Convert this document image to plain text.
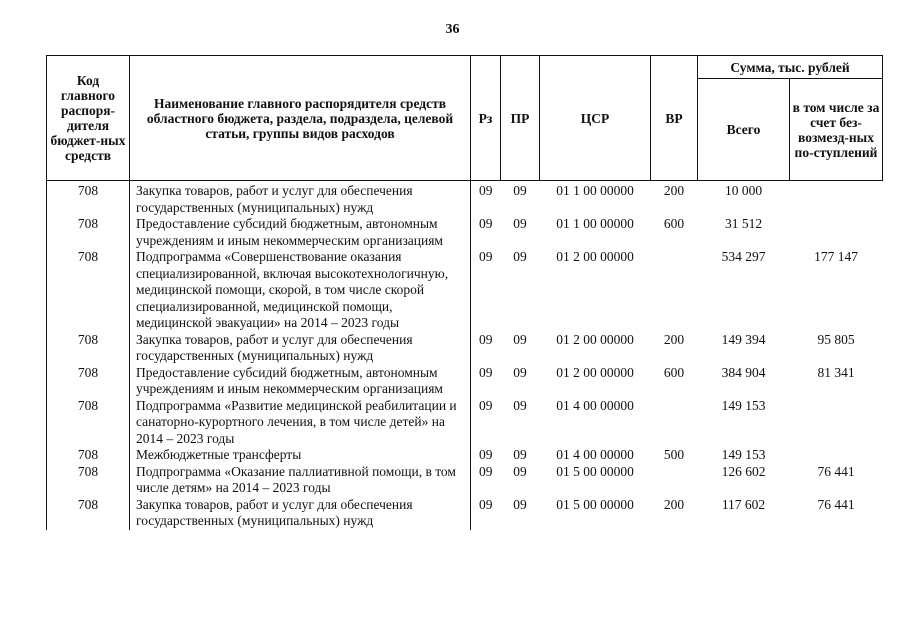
36
Код главного распоря-дителя бюджет-ных средств	Наименование главного распорядителя средств областного бюджета, раздела, подраздела, целевой статьи, группы видов расходов	Рз	ПР	ЦСР	ВР	Сумма, тыс. рублей	
						Всего	в том числе за счет без-возмезд-ных по-ступлений
708	Закупка товаров, работ и услуг для обеспечения государственных (муниципальных) нужд	09	09	01 1 00 00000	200	10 000	
708	Предоставление субсидий бюджетным, автономным учреждениям и иным некоммерческим организациям	09	09	01 1 00 00000	600	31 512	
708	Подпрограмма «Совершенствование оказания специализированной, включая высокотехнологичную, медицинской помощи, скорой, в том числе скорой специализированной, медицинской помощи, медицинской эвакуации» на 2014 – 2023 годы	09	09	01 2 00 00000		534 297	177 147
708	Закупка товаров, работ и услуг для обеспечения государственных (муниципальных) нужд	09	09	01 2 00 00000	200	149 394	95 805
708	Предоставление субсидий бюджетным, автономным учреждениям и иным некоммерческим организациям	09	09	01 2 00 00000	600	384 904	81 341
708	Подпрограмма «Развитие медицинской реабилитации и санаторно-курортного лечения, в том числе детей» на 2014 – 2023 годы	09	09	01 4 00 00000		149 153	
708	Межбюджетные трансферты	09	09	01 4 00 00000	500	149 153	
708	Подпрограмма «Оказание паллиативной помощи, в том числе детям» на 2014 – 2023 годы	09	09	01 5 00 00000		126 602	76 441
708	Закупка товаров, работ и услуг для обеспечения государственных (муниципальных) нужд	09	09	01 5 00 00000	200	117 602	76 441
